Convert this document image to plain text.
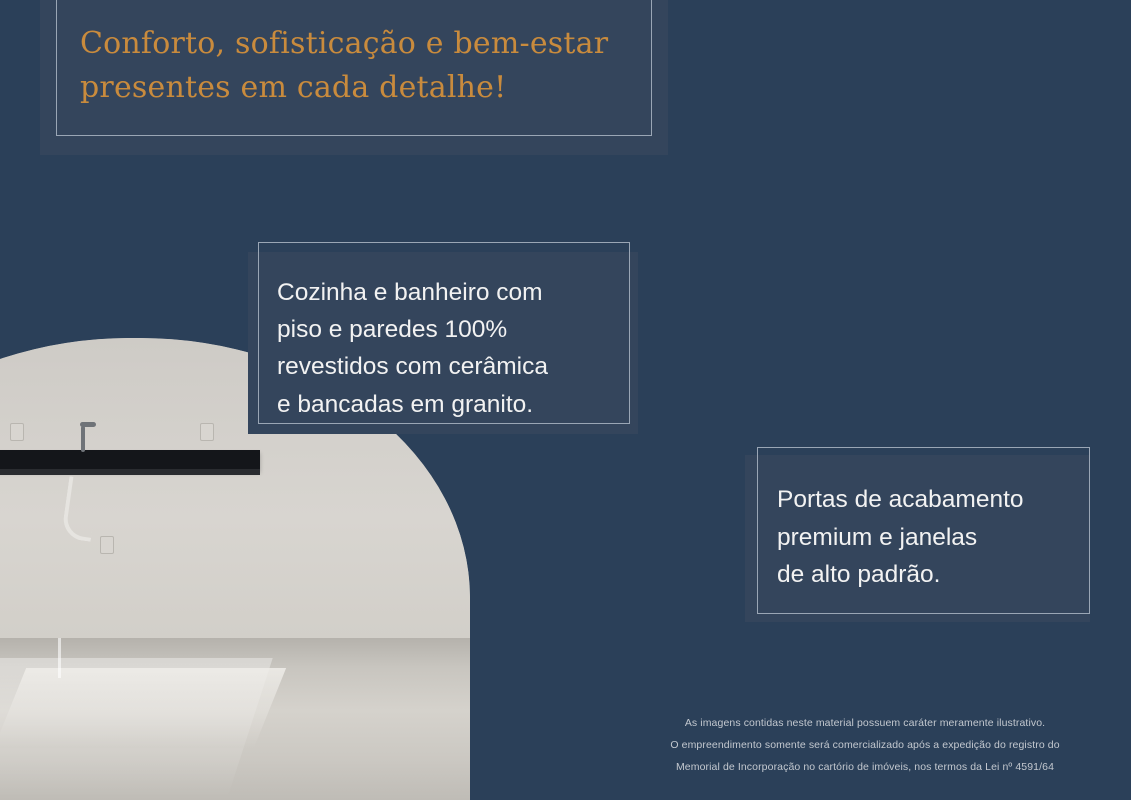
Conforto, sofisticação e bem-estar
presentes em cada detalhe!
Cozinha e banheiro com
piso e paredes 100%
revestidos com cerâmica
e bancadas em granito.
Portas de acabamento
premium e janelas
de alto padrão.
As imagens contidas neste material possuem caráter meramente ilustrativo.
O empreendimento somente será comercializado após a expedição do registro do
Memorial de Incorporação no cartório de imóveis, nos termos da Lei nº 4591/64
